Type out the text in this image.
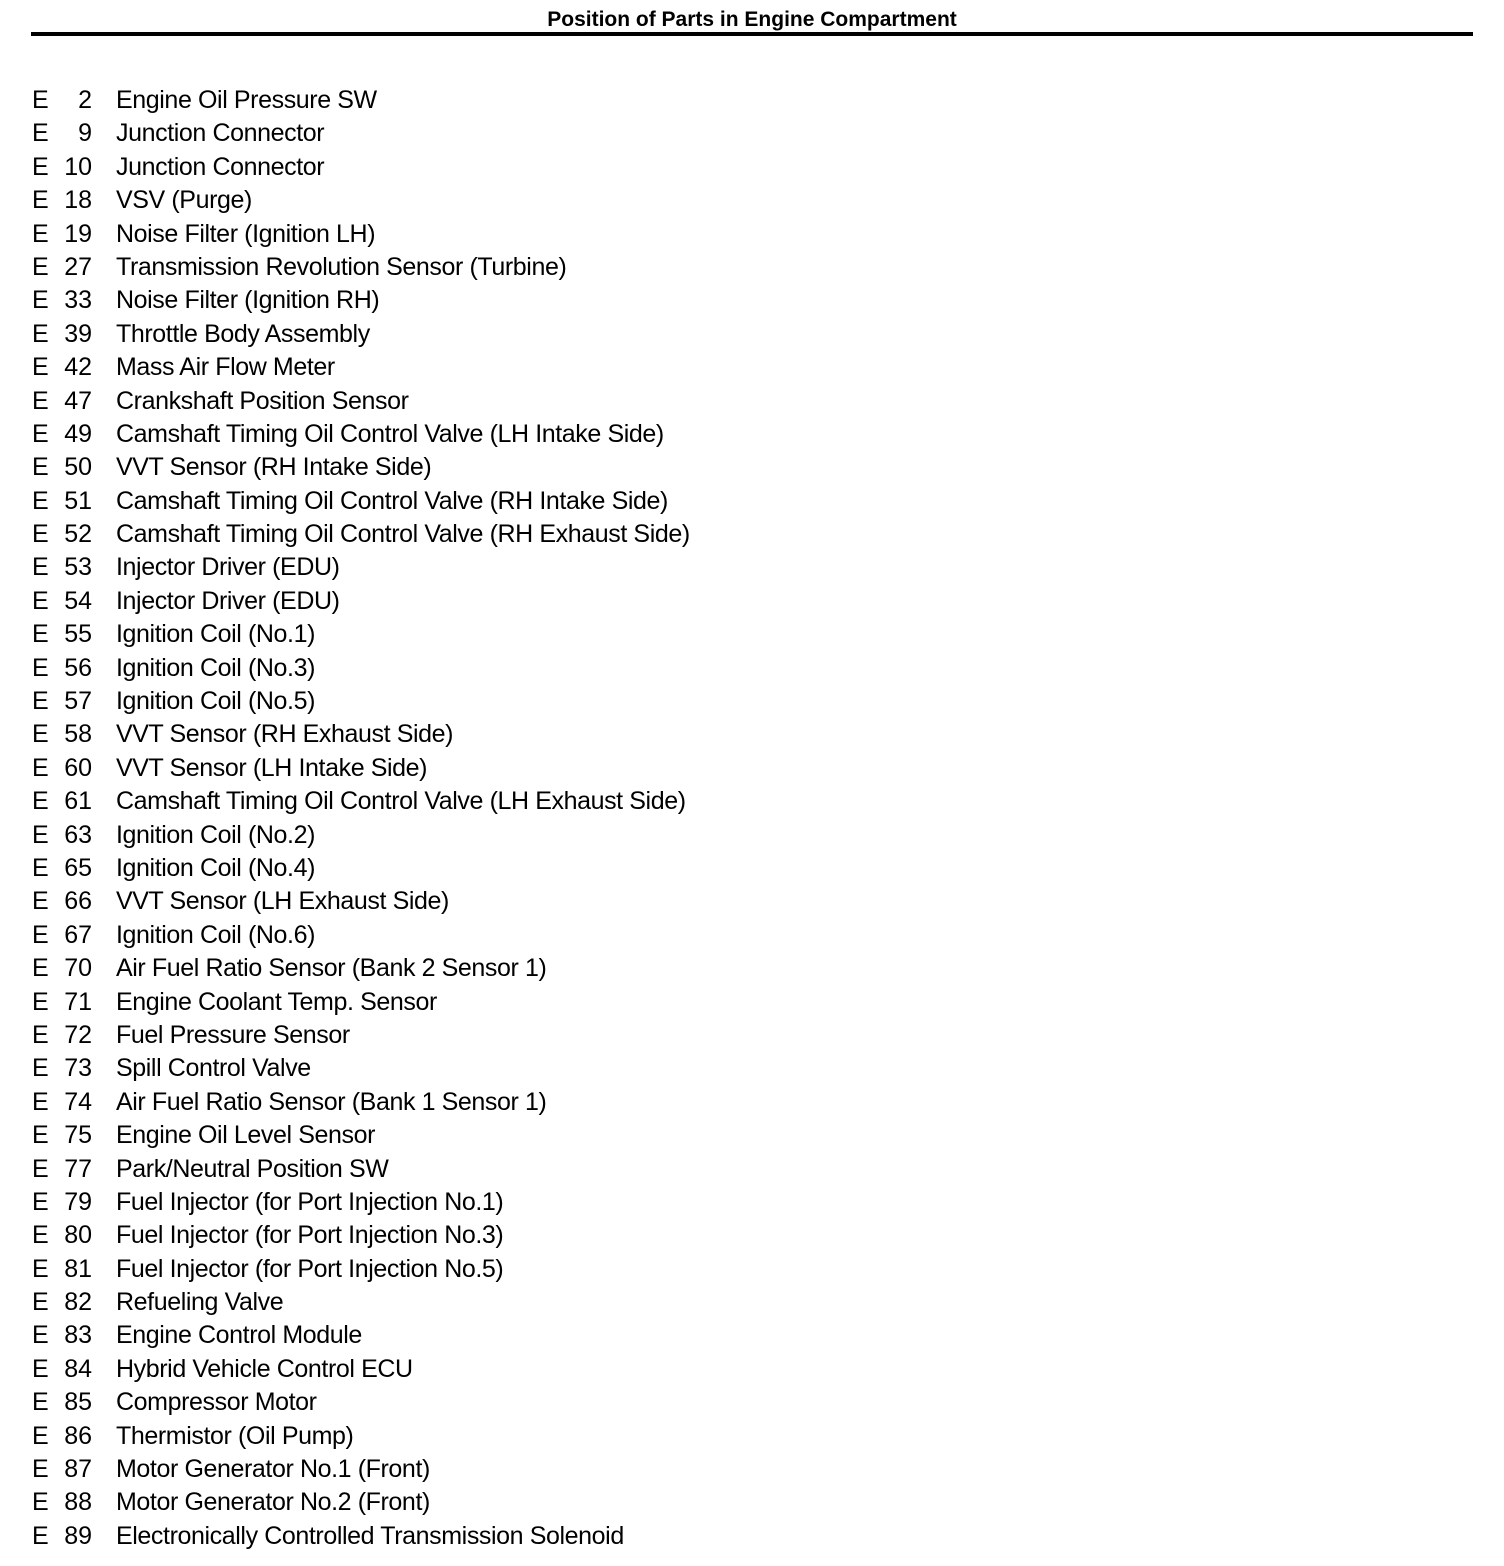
Position of Parts in Engine Compartment
E	2 Engine Oil Pressure SW
E	9 Junction Connector
E 10 Junction Connector
E 18 VSV (Purge)
E 19 Noise Filter (Ignition LH)
E 27 Transmission Revolution Sensor (Turbine)
E 33 Noise Filter (Ignition RH)
E 39 Throttle Body Assembly
E 42 Mass Air Flow Meter
E 47 Crankshaft Position Sensor
E 49 Camshaft Timing Oil Control Valve (LH Intake Side)
E 50 VVT Sensor (RH Intake Side)
E 51 Camshaft Timing Oil Control Valve (RH Intake Side)
E 52 Camshaft Timing Oil Control Valve (RH Exhaust Side)
E 53 Injector Driver (EDU)
E 54 Injector Driver (EDU)
E 55 Ignition Coil (No.1)
E 56 Ignition Coil (No.3)
E 57 Ignition Coil (No.5)
E 58 VVT Sensor (RH Exhaust Side)
E 60 VVT Sensor (LH Intake Side)
E 61 Camshaft Timing Oil Control Valve (LH Exhaust Side)
E 63 Ignition Coil (No.2)
E 65 Ignition Coil (No.4)
E 66 VVT Sensor (LH Exhaust Side)
E 67 Ignition Coil (No.6)
E 70 Air Fuel Ratio Sensor (Bank 2 Sensor 1)
E 71 Engine Coolant Temp. Sensor
E 72 Fuel Pressure Sensor
E 73 Spill Control Valve
E 74 Air Fuel Ratio Sensor (Bank 1 Sensor 1)
E 75 Engine Oil Level Sensor
E 77 Park/Neutral Position SW
E 79 Fuel Injector (for Port Injection No.1)
E 80 Fuel Injector (for Port Injection No.3)
E 81 Fuel Injector (for Port Injection No.5)
E 82 Refueling Valve
E 83 Engine Control Module
E 84 Hybrid Vehicle Control ECU
E 85 Compressor Motor
E 86 Thermistor (Oil Pump)
E 87 Motor Generator No.1 (Front)
E 88 Motor Generator No.2 (Front)
E 89 Electronically Controlled Transmission Solenoid
